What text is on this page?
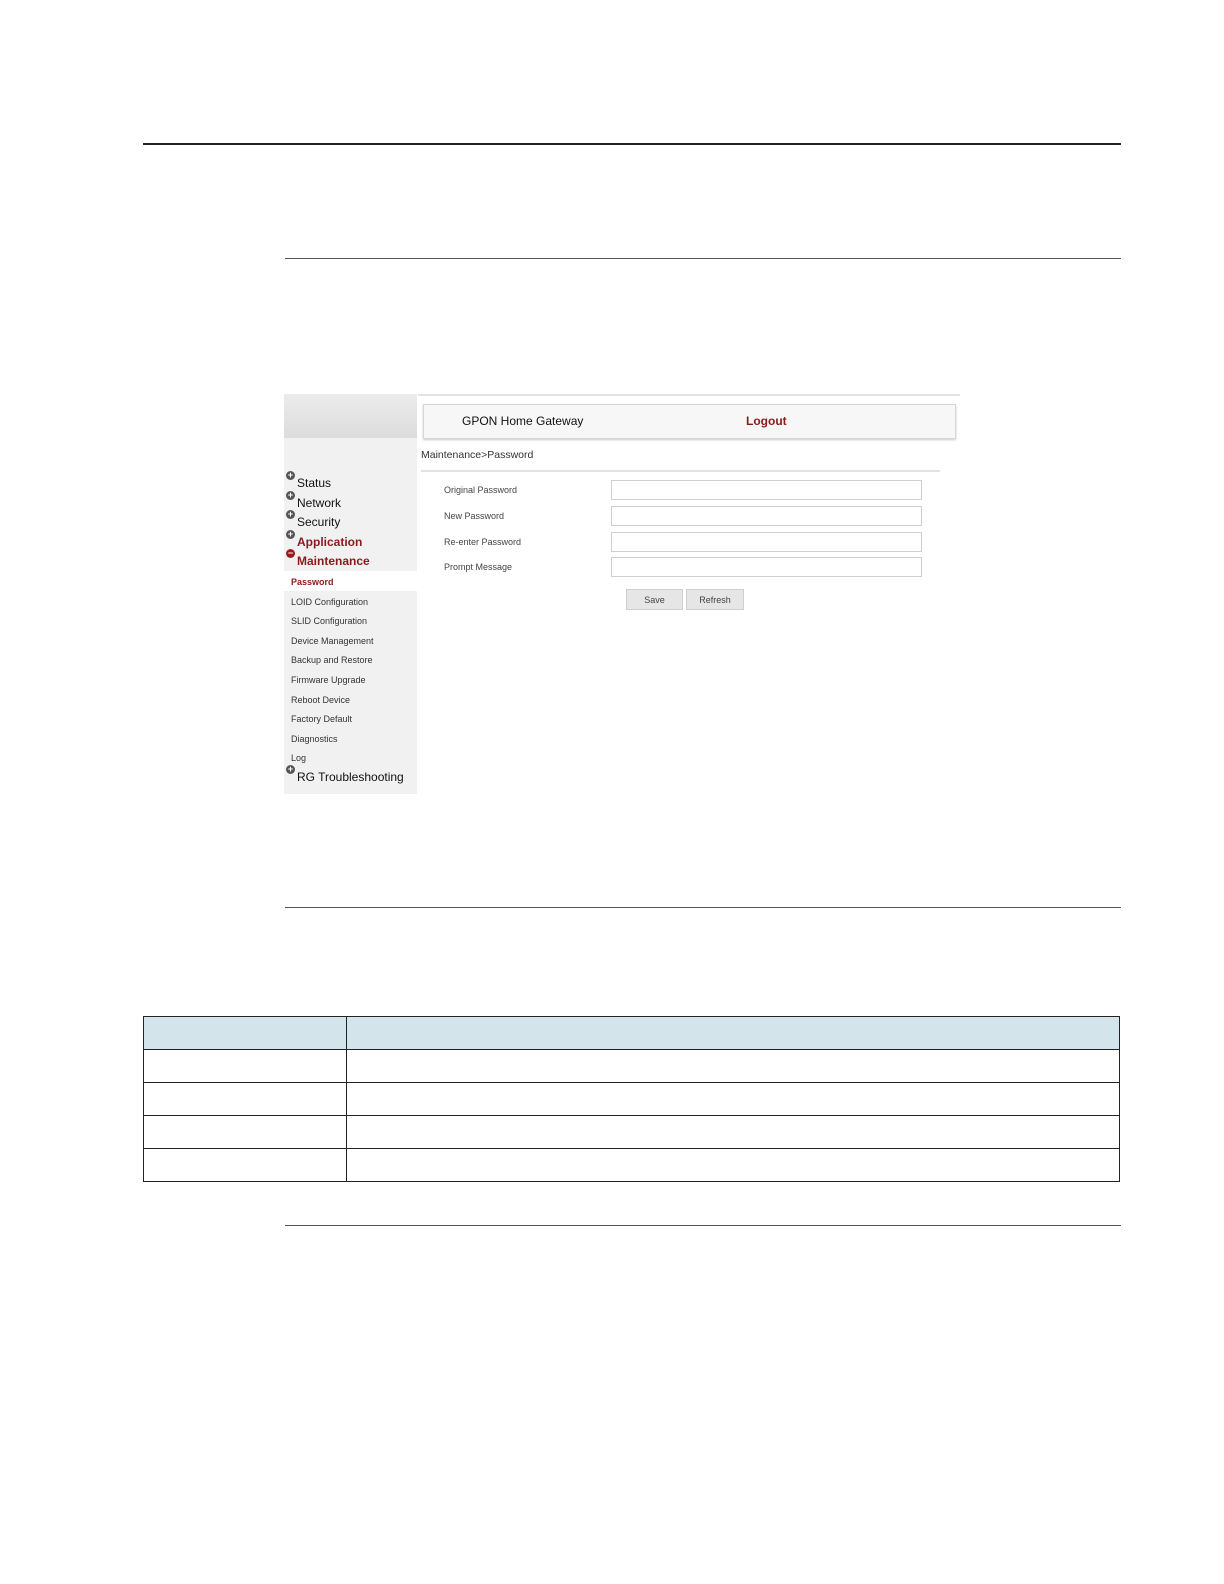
+
Status
+
Network
+
Security
+
Application
−
Maintenance
Password
LOID Configuration
SLID Configuration
Device Management
Backup and Restore
Firmware Upgrade
Reboot Device
Factory Default
Diagnostics
Log
+
RG Troubleshooting
GPON Home Gateway	Logout
Maintenance>Password
Original Password
New Password
Re-enter Password
Prompt Message
Save	Refresh
